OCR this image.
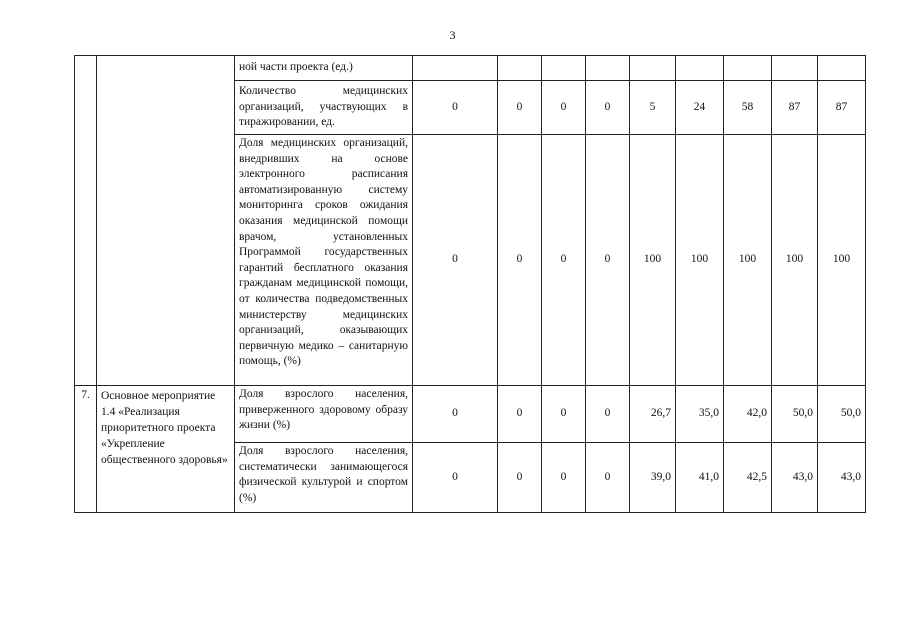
3
		ной части проекта (ед.)									
		Количество медицинских организаций, участвующих в тиражировании, ед.	0	0	0	0	5	24	58	87	87
		Доля медицинских организаций, внедривших на основе электронного расписания автоматизированную систему мониторинга сроков ожидания оказания медицинской помощи врачом, установленных Программой государственных гарантий бесплатного оказания гражданам медицинской помощи, от количества подведомственных министерству медицинских организаций, оказывающих первичную медико – санитарную помощь, (%)	0	0	0	0	100	100	100	100	100
7.	Основное мероприятие 1.4 «Реализация приоритетного проекта «Укрепление общественного здоровья»	Доля взрослого населения, приверженного здоровому образу жизни (%)	0	0	0	0	26,7	35,0	42,0	50,0	50,0
		Доля взрослого населения, систематически занимающегося физической культурой и спортом (%)	0	0	0	0	39,0	41,0	42,5	43,0	43,0
